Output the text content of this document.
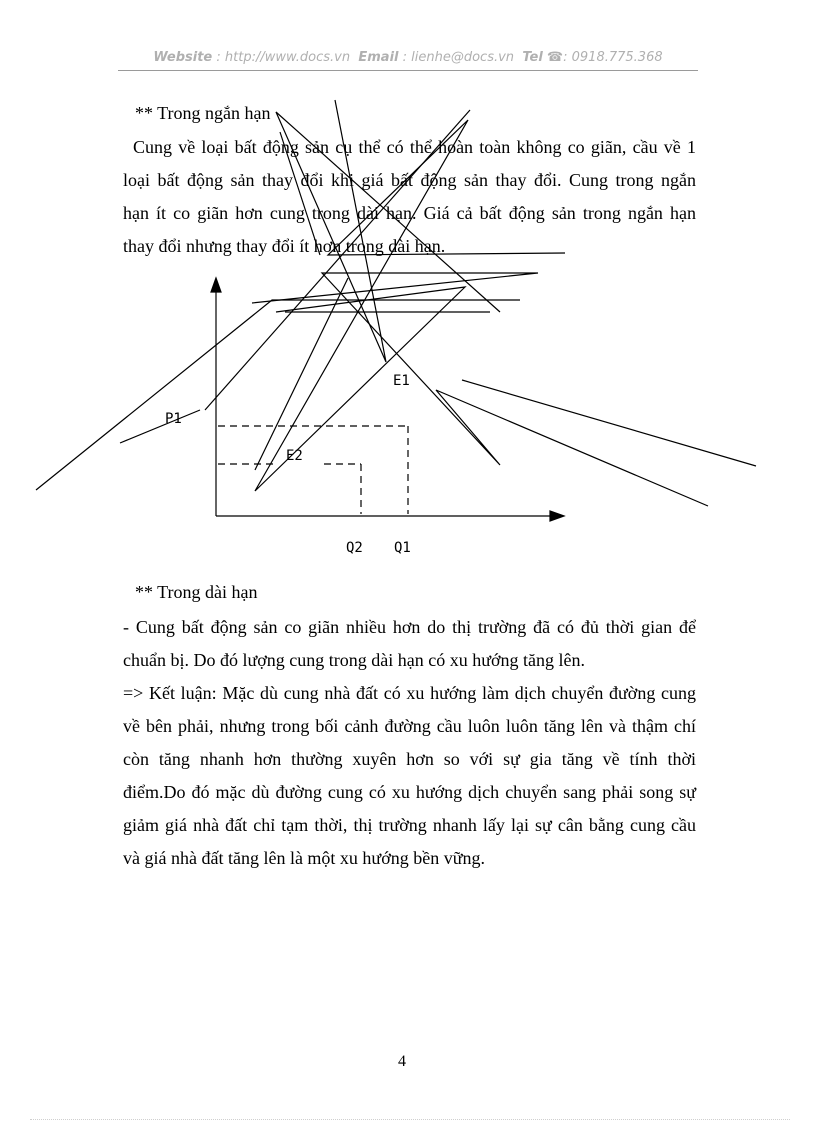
Website : http://www.docs.vn Email : lienhe@docs.vn Tel ☎: 0918.775.368
** Trong ngắn hạn
Cung về loại bất động sản cụ thể có thể hoàn toàn không co giãn, cầu về 1
loại bất động sản thay đổi khi giá bất động sản thay đổi. Cung trong ngắn
hạn ít co giãn hơn cung trong dài hạn. Giá cả bất động sản trong ngắn hạn
thay đổi nhưng thay đổi ít hơn trong dài hạn.
P1
E1
E2
Q2 Q1
** Trong dài hạn
- Cung bất động sản co giãn nhiều hơn do thị trường đã có đủ thời gian để
chuẩn bị. Do đó lượng cung trong dài hạn có xu hướng tăng lên.
=> Kết luận: Mặc dù cung nhà đất có xu hướng làm dịch chuyển đường cung
về bên phải, nhưng trong bối cảnh đường cầu luôn luôn tăng lên và thậm chí
còn tăng nhanh hơn thường xuyên hơn so với sự gia tăng về tính thời
điểm.Do đó mặc dù đường cung có xu hướng dịch chuyển sang phải song sự
giảm giá nhà đất chỉ tạm thời, thị trường nhanh lấy lại sự cân bằng cung cầu
và giá nhà đất tăng lên là một xu hướng bền vững.
4
